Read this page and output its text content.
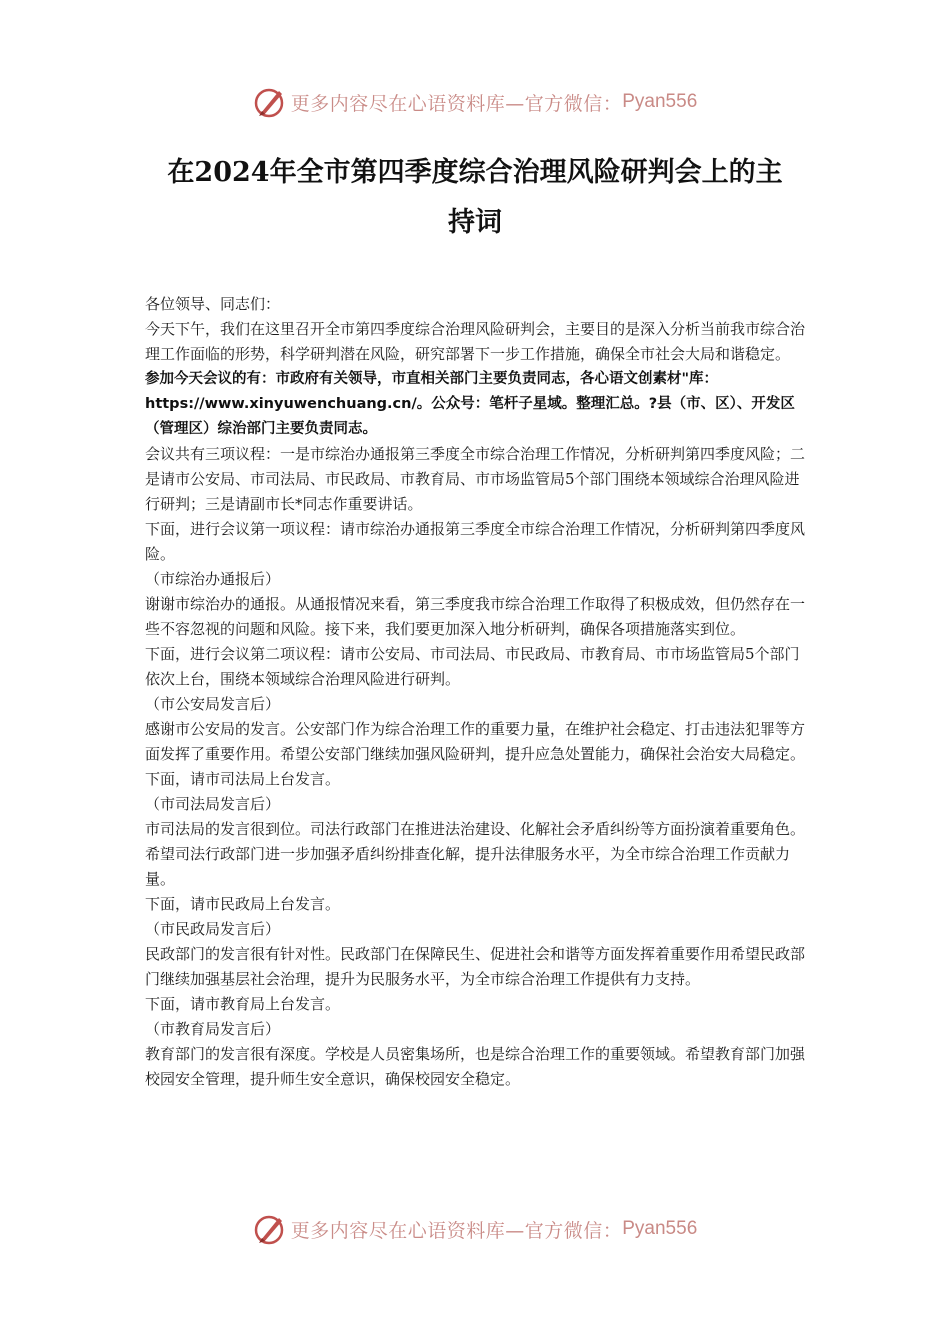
更多内容尽在心语资料库—官方微信： Pyan556
在2024年全市第四季度综合治理风险研判会上的主
持词

各位领导、同志们：

今天下午，我们在这里召开全市第四季度综合治理风险研判会，主要目的是深入分析当前我市综合治理工作面临的形势，科学研判潜在风险，研究部署下一步工作措施，确保全市社会大局和谐稳定。

参加今天会议的有：市政府有关领导，市直相关部门主要负责同志，各心语文创素材"库：https://www.xinyuwenchuang.cn/。公众号：笔杆子星域。整理汇总。?县（市、区）、开发区（管理区）综治部门主要负责同志。

会议共有三项议程：一是市综治办通报第三季度全市综合治理工作情况，分析研判第四季度风险；二是请市公安局、市司法局、市民政局、市教育局、市市场监管局5个部门围绕本领域综合治理风险进行研判；三是请副市长*同志作重要讲话。

下面，进行会议第一项议程：请市综治办通报第三季度全市综合治理工作情况，分析研判第四季度风险。

（市综治办通报后）

谢谢市综治办的通报。从通报情况来看，第三季度我市综合治理工作取得了积极成效，但仍然存在一些不容忽视的问题和风险。接下来，我们要更加深入地分析研判，确保各项措施落实到位。

下面，进行会议第二项议程：请市公安局、市司法局、市民政局、市教育局、市市场监管局5个部门依次上台，围绕本领域综合治理风险进行研判。

（市公安局发言后）

感谢市公安局的发言。公安部门作为综合治理工作的重要力量，在维护社会稳定、打击违法犯罪等方面发挥了重要作用。希望公安部门继续加强风险研判，提升应急处置能力，确保社会治安大局稳定。

下面，请市司法局上台发言。

（市司法局发言后）

市司法局的发言很到位。司法行政部门在推进法治建设、化解社会矛盾纠纷等方面扮演着重要角色。希望司法行政部门进一步加强矛盾纠纷排查化解，提升法律服务水平，为全市综合治理工作贡献力量。

下面，请市民政局上台发言。

（市民政局发言后）

民政部门的发言很有针对性。民政部门在保障民生、促进社会和谐等方面发挥着重要作用希望民政部门继续加强基层社会治理，提升为民服务水平，为全市综合治理工作提供有力支持。

下面，请市教育局上台发言。

（市教育局发言后）

教育部门的发言很有深度。学校是人员密集场所，也是综合治理工作的重要领域。希望教育部门加强校园安全管理，提升师生安全意识，确保校园安全稳定。

更多内容尽在心语资料库—官方微信： Pyan556
